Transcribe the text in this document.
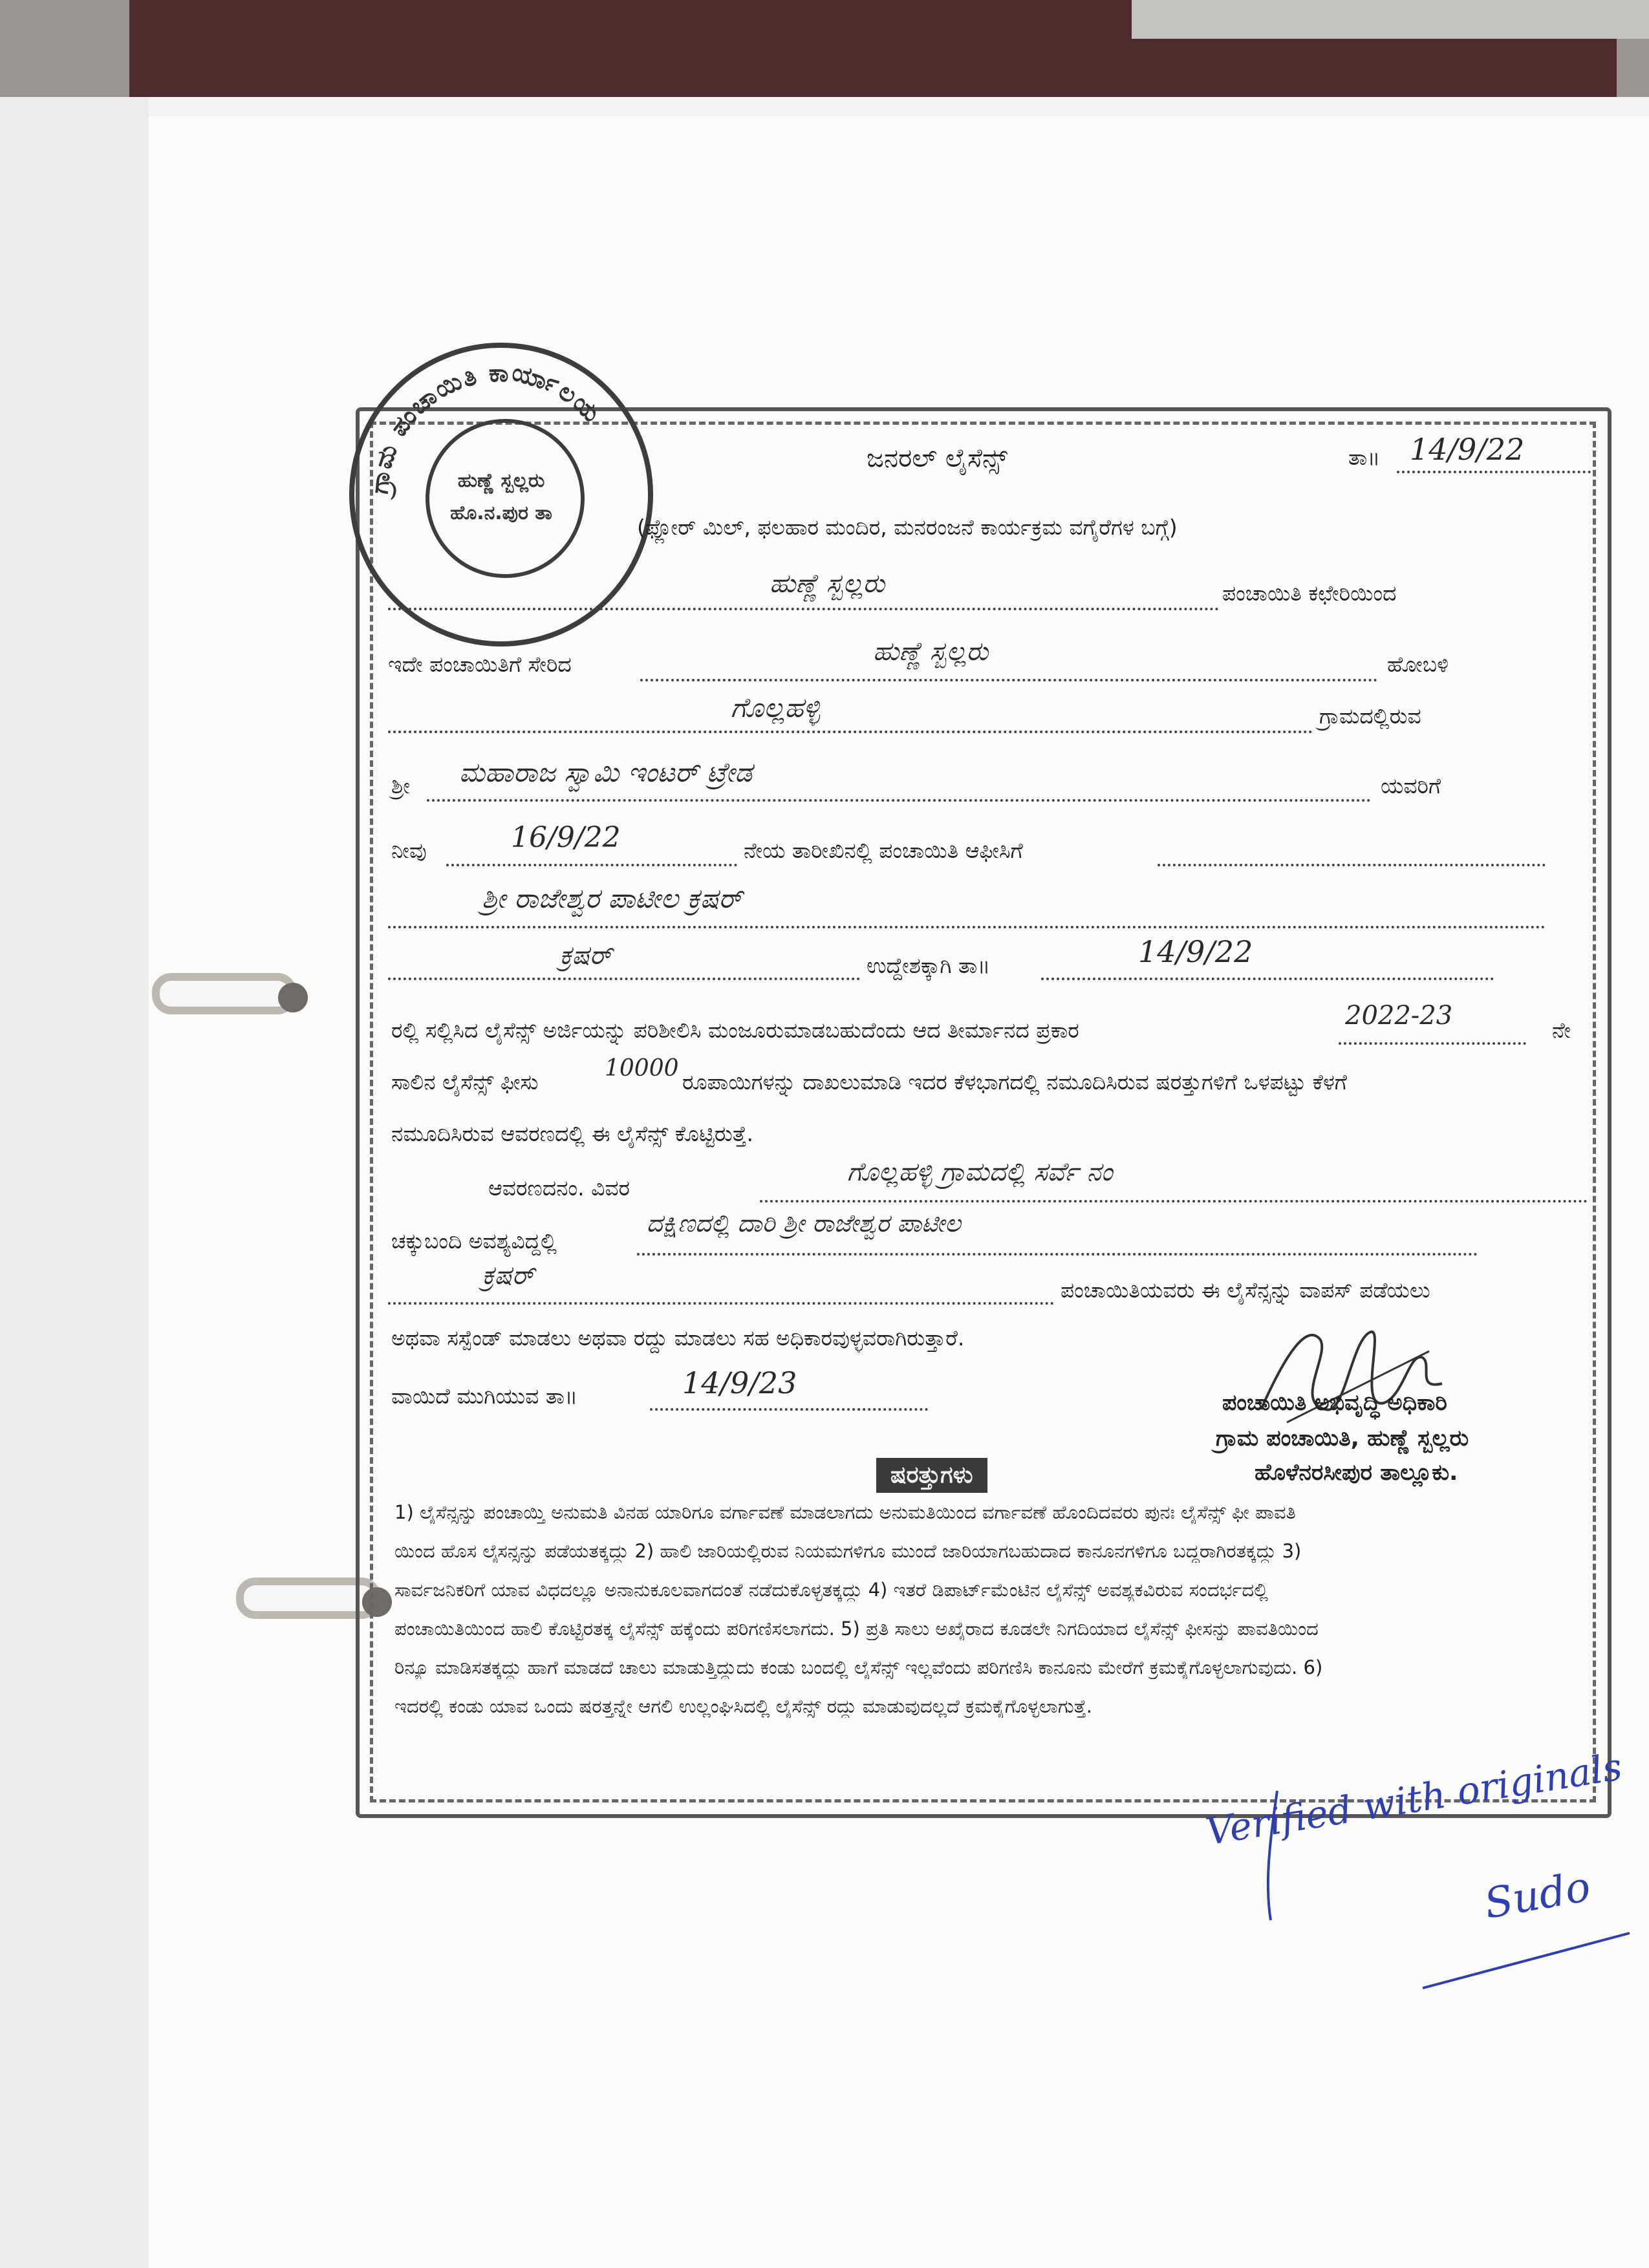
ಗ್ರಾಮ ಪಂಚಾಯಿತಿ ಕಾರ್ಯಾಲಯ
ಹುಣ್ಣೆ ಸ್ಬಲ್ಲರು
ಹೊ.ನ.ಪುರ ತಾ
ಜನರಲ್ ಲೈಸೆನ್ಸ್	ತಾ॥ 14/9/22
(ಫ್ಲೋರ್ ಮಿಲ್, ಫಲಹಾರ ಮಂದಿರ, ಮನರಂಜನೆ ಕಾರ್ಯಕ್ರಮ ವಗೈರೆಗಳ ಬಗ್ಗೆ)
ಹುಣ್ಣೆ ಸ್ಬಲ್ಲರು	ಪಂಚಾಯಿತಿ ಕಛೇರಿಯಿಂದ
ಇದೇ ಪಂಚಾಯಿತಿಗೆ ಸೇರಿದ	ಹುಣ್ಣೆ ಸ್ಬಲ್ಲರು	ಹೋಬಳಿ
ಗೊಲ್ಲಹಳ್ಳಿ	ಗ್ರಾಮದಲ್ಲಿರುವ
ಶ್ರೀ ಮಹಾರಾಜ ಸ್ವಾಮಿ ಇಂಟರ್ ಟ್ರೇಡ	ಯವರಿಗೆ
ನೀವು	16/9/22	ನೇಯ ತಾರೀಖಿನಲ್ಲಿ ಪಂಚಾಯಿತಿ ಆಫೀಸಿಗೆ
ಶ್ರೀ ರಾಜೇಶ್ವರ ಪಾಟೀಲ ಕ್ರಷರ್
ಕ್ರಷರ್	ಉದ್ದೇಶಕ್ಕಾಗಿ ತಾ॥	14/9/22
ರಲ್ಲಿ ಸಲ್ಲಿಸಿದ ಲೈಸೆನ್ಸ್ ಅರ್ಜಿಯನ್ನು ಪರಿಶೀಲಿಸಿ ಮಂಜೂರುಮಾಡಬಹುದೆಂದು ಆದ ತೀರ್ಮಾನದ ಪ್ರಕಾರ	2022-23	ನೇ
ಸಾಲಿನ ಲೈಸೆನ್ಸ್ ಫೀಸು
10000
ರೂಪಾಯಿಗಳನ್ನು ದಾಖಲುಮಾಡಿ ಇದರ ಕೆಳಭಾಗದಲ್ಲಿ ನಮೂದಿಸಿರುವ ಷರತ್ತುಗಳಿಗೆ ಒಳಪಟ್ಟು ಕೆಳಗೆ
ನಮೂದಿಸಿರುವ ಆವರಣದಲ್ಲಿ ಈ ಲೈಸೆನ್ಸ್ ಕೊಟ್ಟಿರುತ್ತೆ.
ಆವರಣದನಂ. ವಿವರ
ಗೊಲ್ಲಹಳ್ಳಿ ಗ್ರಾಮದಲ್ಲಿ ಸರ್ವೆ ನಂ
ಚಕ್ಕುಬಂದಿ ಅವಶ್ಯವಿದ್ದಲ್ಲಿ
ದಕ್ಷಿಣದಲ್ಲಿ ದಾರಿ ಶ್ರೀ ರಾಜೇಶ್ವರ ಪಾಟೀಲ
ಕ್ರಷರ್	ಪಂಚಾಯಿತಿಯವರು ಈ ಲೈಸೆನ್ಸನ್ನು ವಾಪಸ್ ಪಡೆಯಲು
ಅಥವಾ ಸಸ್ಪೆಂಡ್ ಮಾಡಲು ಅಥವಾ ರದ್ದು ಮಾಡಲು ಸಹ ಅಧಿಕಾರವುಳ್ಳವರಾಗಿರುತ್ತಾರೆ.
ವಾಯಿದೆ ಮುಗಿಯುವ ತಾ॥	14/9/23
ಪಂಚಾಯಿತಿ ಅಭಿವೃದ್ಧಿ ಅಧಿಕಾರಿ
ಗ್ರಾಮ ಪಂಚಾಯಿತಿ, ಹುಣ್ಣೆ ಸ್ಬಲ್ಲರು
ಹೊಳೆನರಸೀಪುರ ತಾಲ್ಲೂಕು.
ಷರತ್ತುಗಳು
1) ಲೈಸೆನ್ಸನ್ನು ಪಂಚಾಯ್ತಿ ಅನುಮತಿ ವಿನಹ ಯಾರಿಗೂ ವರ್ಗಾವಣೆ ಮಾಡಲಾಗದು ಅನುಮತಿಯಿಂದ ವರ್ಗಾವಣೆ ಹೊಂದಿದವರು ಪುನಃ ಲೈಸೆನ್ಸ್ ಫೀ ಪಾವತಿ
ಯಿಂದ ಹೊಸ ಲೈಸನ್ಸನ್ನು ಪಡೆಯತಕ್ಕದ್ದು 2) ಹಾಲಿ ಜಾರಿಯಲ್ಲಿರುವ ನಿಯಮಗಳಿಗೂ ಮುಂದೆ ಜಾರಿಯಾಗಬಹುದಾದ ಕಾನೂನಗಳಿಗೂ ಬದ್ಧರಾಗಿರತಕ್ಕದ್ದು 3)
ಸಾರ್ವಜನಿಕರಿಗೆ ಯಾವ ವಿಧದಲ್ಲೂ ಅನಾನುಕೂಲವಾಗದಂತೆ ನಡೆದುಕೊಳ್ಳತಕ್ಕದ್ದು 4) ಇತರೆ ಡಿಪಾರ್ಟ್‌ಮೆಂಟಿನ ಲೈಸೆನ್ಸ್ ಅವಶ್ಯಕವಿರುವ ಸಂದರ್ಭದಲ್ಲಿ
ಪಂಚಾಯಿತಿಯಿಂದ ಹಾಲಿ ಕೊಟ್ಟಿರತಕ್ಕ ಲೈಸೆನ್ಸ್ ಹಕ್ಕೆಂದು ಪರಿಗಣಿಸಲಾಗದು. 5) ಪ್ರತಿ ಸಾಲು ಅಖೈರಾದ ಕೂಡಲೇ ನಿಗದಿಯಾದ ಲೈಸೆನ್ಸ್ ಫೀಸನ್ನು ಪಾವತಿಯಿಂದ
ರಿನ್ಯೂ ಮಾಡಿಸತಕ್ಕದ್ದು ಹಾಗೆ ಮಾಡದೆ ಚಾಲು ಮಾಡುತ್ತಿದ್ದುದು ಕಂಡು ಬಂದಲ್ಲಿ ಲೈಸೆನ್ಸ್ ಇಲ್ಲವೆಂದು ಪರಿಗಣಿಸಿ ಕಾನೂನು ಮೇರೆಗೆ ಕ್ರಮಕೈಗೊಳ್ಳಲಾಗುವುದು. 6)
ಇದರಲ್ಲಿ ಕಂಡು ಯಾವ ಒಂದು ಷರತ್ತನ್ನೇ ಆಗಲಿ ಉಲ್ಲಂಘಿಸಿದಲ್ಲಿ ಲೈಸೆನ್ಸ್ ರದ್ದು ಮಾಡುವುದಲ್ಲದೆ ಕ್ರಮಕೈಗೊಳ್ಳಲಾಗುತ್ತೆ.
Verified with originals
Sudo
